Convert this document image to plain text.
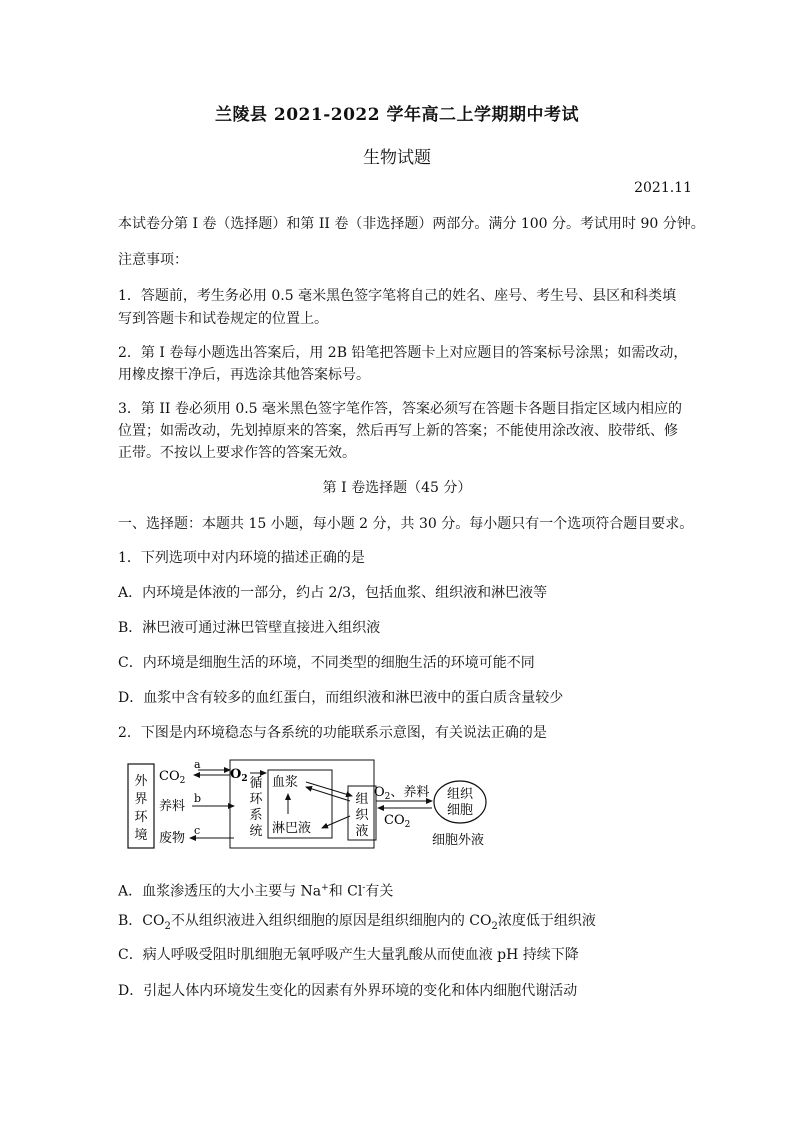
兰陵县 2021-2022 学年高二上学期期中考试
生物试题
2021.11
本试卷分第 I 卷（选择题）和第 II 卷（非选择题）两部分。满分 100 分。考试用时 90 分钟。
注意事项：
1．答题前，考生务必用 0.5 毫米黑色签字笔将自己的姓名、座号、考生号、县区和科类填
写到答题卡和试卷规定的位置上。
2．第 I 卷每小题选出答案后，用 2B 铅笔把答题卡上对应题目的答案标号涂黑；如需改动，
用橡皮擦干净后，再选涂其他答案标号。
3．第 II 卷必须用 0.5 毫米黑色签字笔作答，答案必须写在答题卡各题目指定区域内相应的
位置；如需改动，先划掉原来的答案，然后再写上新的答案；不能使用涂改液、胶带纸、修
正带。不按以上要求作答的答案无效。
第 I 卷选择题（45 分）
一、选择题：本题共 15 小题，每小题 2 分，共 30 分。每小题只有一个选项符合题目要求。
1．下列选项中对内环境的描述正确的是
A．内环境是体液的一部分，约占 2/3，包括血浆、组织液和淋巴液等
B．淋巴液可通过淋巴管壁直接进入组织液
C．内环境是细胞生活的环境，不同类型的细胞生活的环境可能不同
D．血浆中含有较多的血红蛋白，而组织液和淋巴液中的蛋白质含量较少
2．下图是内环境稳态与各系统的功能联系示意图，有关说法正确的是
外
界
环
境
$CO_2$
养料
废物
a
b
c
$O_2$ 循
环
系
统
血浆
淋巴液
组
织
液
$O_2$、养料
$CO_2$
组织
细胞
细胞外液
A．血浆渗透压的大小主要与 Na+和 Cl-有关
B．$CO_2$不从组织液进入组织细胞的原因是组织细胞内的 $CO_2$浓度低于组织液
C．病人呼吸受阻时肌细胞无氧呼吸产生大量乳酸从而使血液 pH 持续下降
D．引起人体内环境发生变化的因素有外界环境的变化和体内细胞代谢活动
